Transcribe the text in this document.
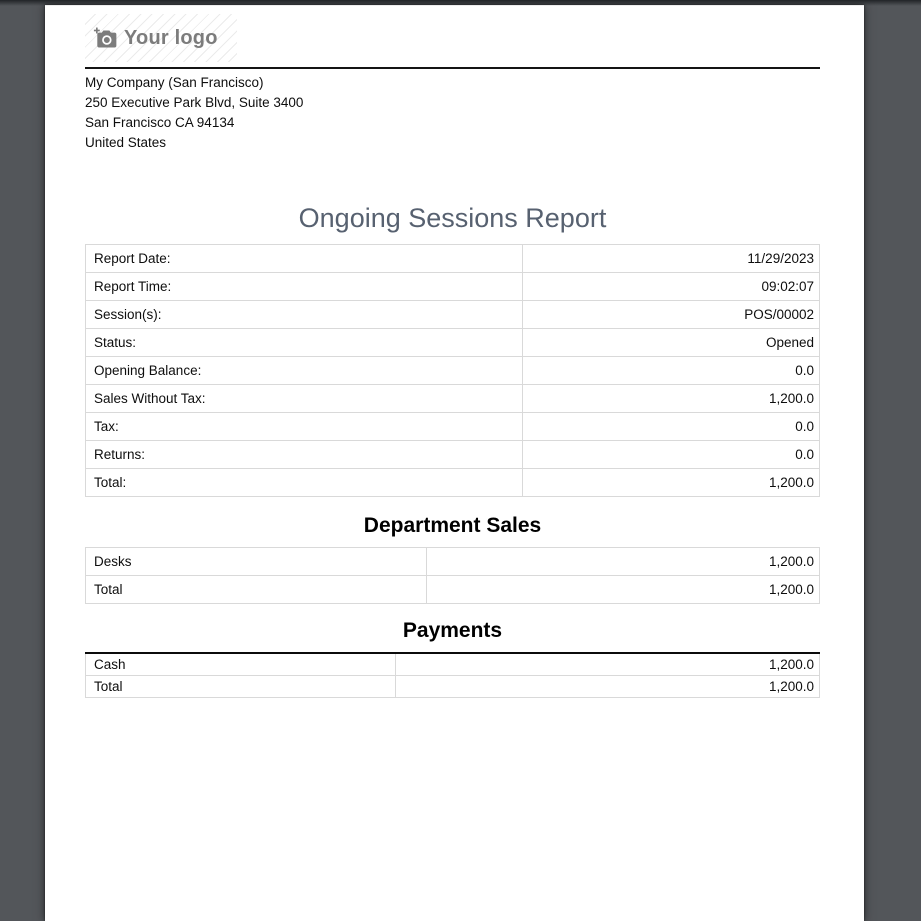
Your logo
My Company (San Francisco)
250 Executive Park Blvd, Suite 3400
San Francisco CA 94134
United States
Ongoing Sessions Report
Report Date:	11/29/2023
Report Time:	09:02:07
Session(s):	POS/00002
Status:	Opened
Opening Balance:	0.0
Sales Without Tax:	1,200.0
Tax:	0.0
Returns:	0.0
Total:	1,200.0
Department Sales
Desks	1,200.0
Total	1,200.0
Payments
Cash	1,200.0
Total	1,200.0
